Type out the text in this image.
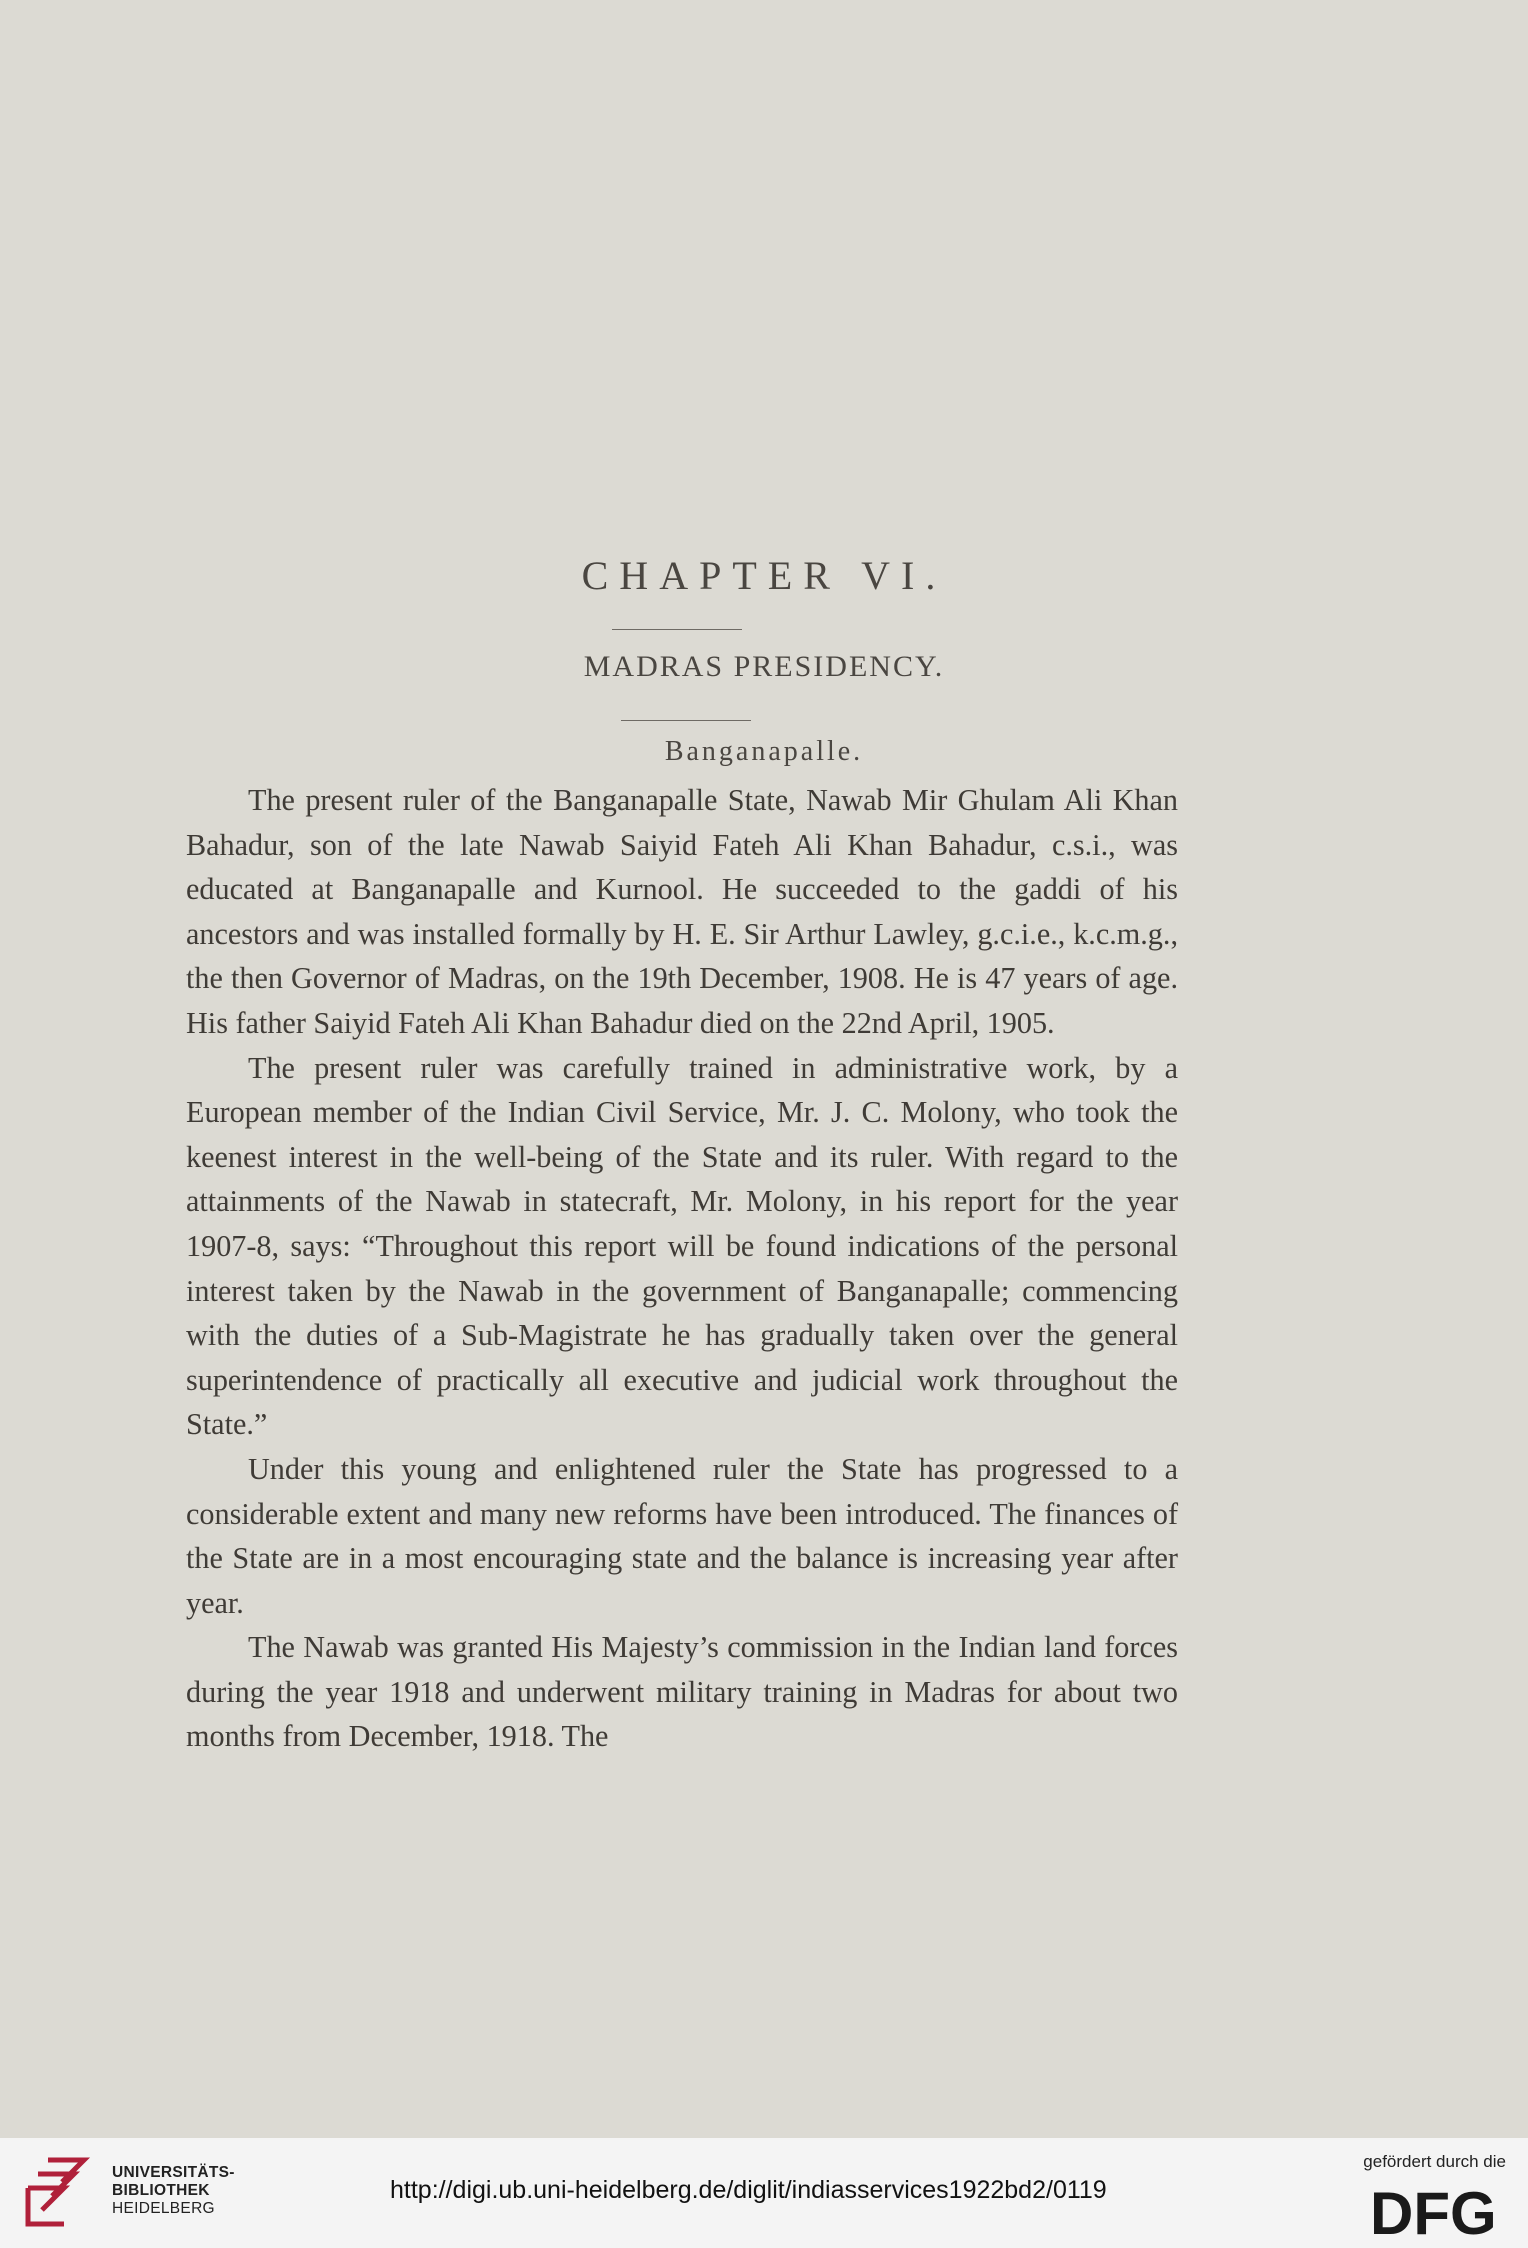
CHAPTER VI.
MADRAS PRESIDENCY.
Banganapalle.

The present ruler of the Banganapalle State, Nawab Mir Ghulam Ali Khan Bahadur, son of the late Nawab Saiyid Fateh Ali Khan Bahadur, c.s.i., was educated at Banganapalle and Kurnool. He succeeded to the gaddi of his ancestors and was installed formally by H. E. Sir Arthur Lawley, g.c.i.e., k.c.m.g., the then Governor of Madras, on the 19th December, 1908. He is 47 years of age. His father Saiyid Fateh Ali Khan Bahadur died on the 22nd April, 1905.

The present ruler was carefully trained in administrative work, by a European member of the Indian Civil Service, Mr. J. C. Molony, who took the keenest interest in the well-being of the State and its ruler. With regard to the attainments of the Nawab in statecraft, Mr. Molony, in his report for the year 1907-8, says: “Throughout this report will be found indications of the personal interest taken by the Nawab in the government of Banganapalle; commencing with the duties of a Sub-Magistrate he has gradually taken over the general superintendence of practically all executive and judicial work throughout the State.”

Under this young and enlightened ruler the State has progressed to a considerable extent and many new reforms have been introduced. The finances of the State are in a most encouraging state and the balance is increasing year after year.

The Nawab was granted His Majesty’s commission in the Indian land forces during the year 1918 and underwent military training in Madras for about two months from December, 1918. The

UNIVERSITÄTS-
BIBLIOTHEK
HEIDELBERG
http://digi.ub.uni-heidelberg.de/diglit/indiasservices1922bd2/0119
gefördert durch die
DFG
